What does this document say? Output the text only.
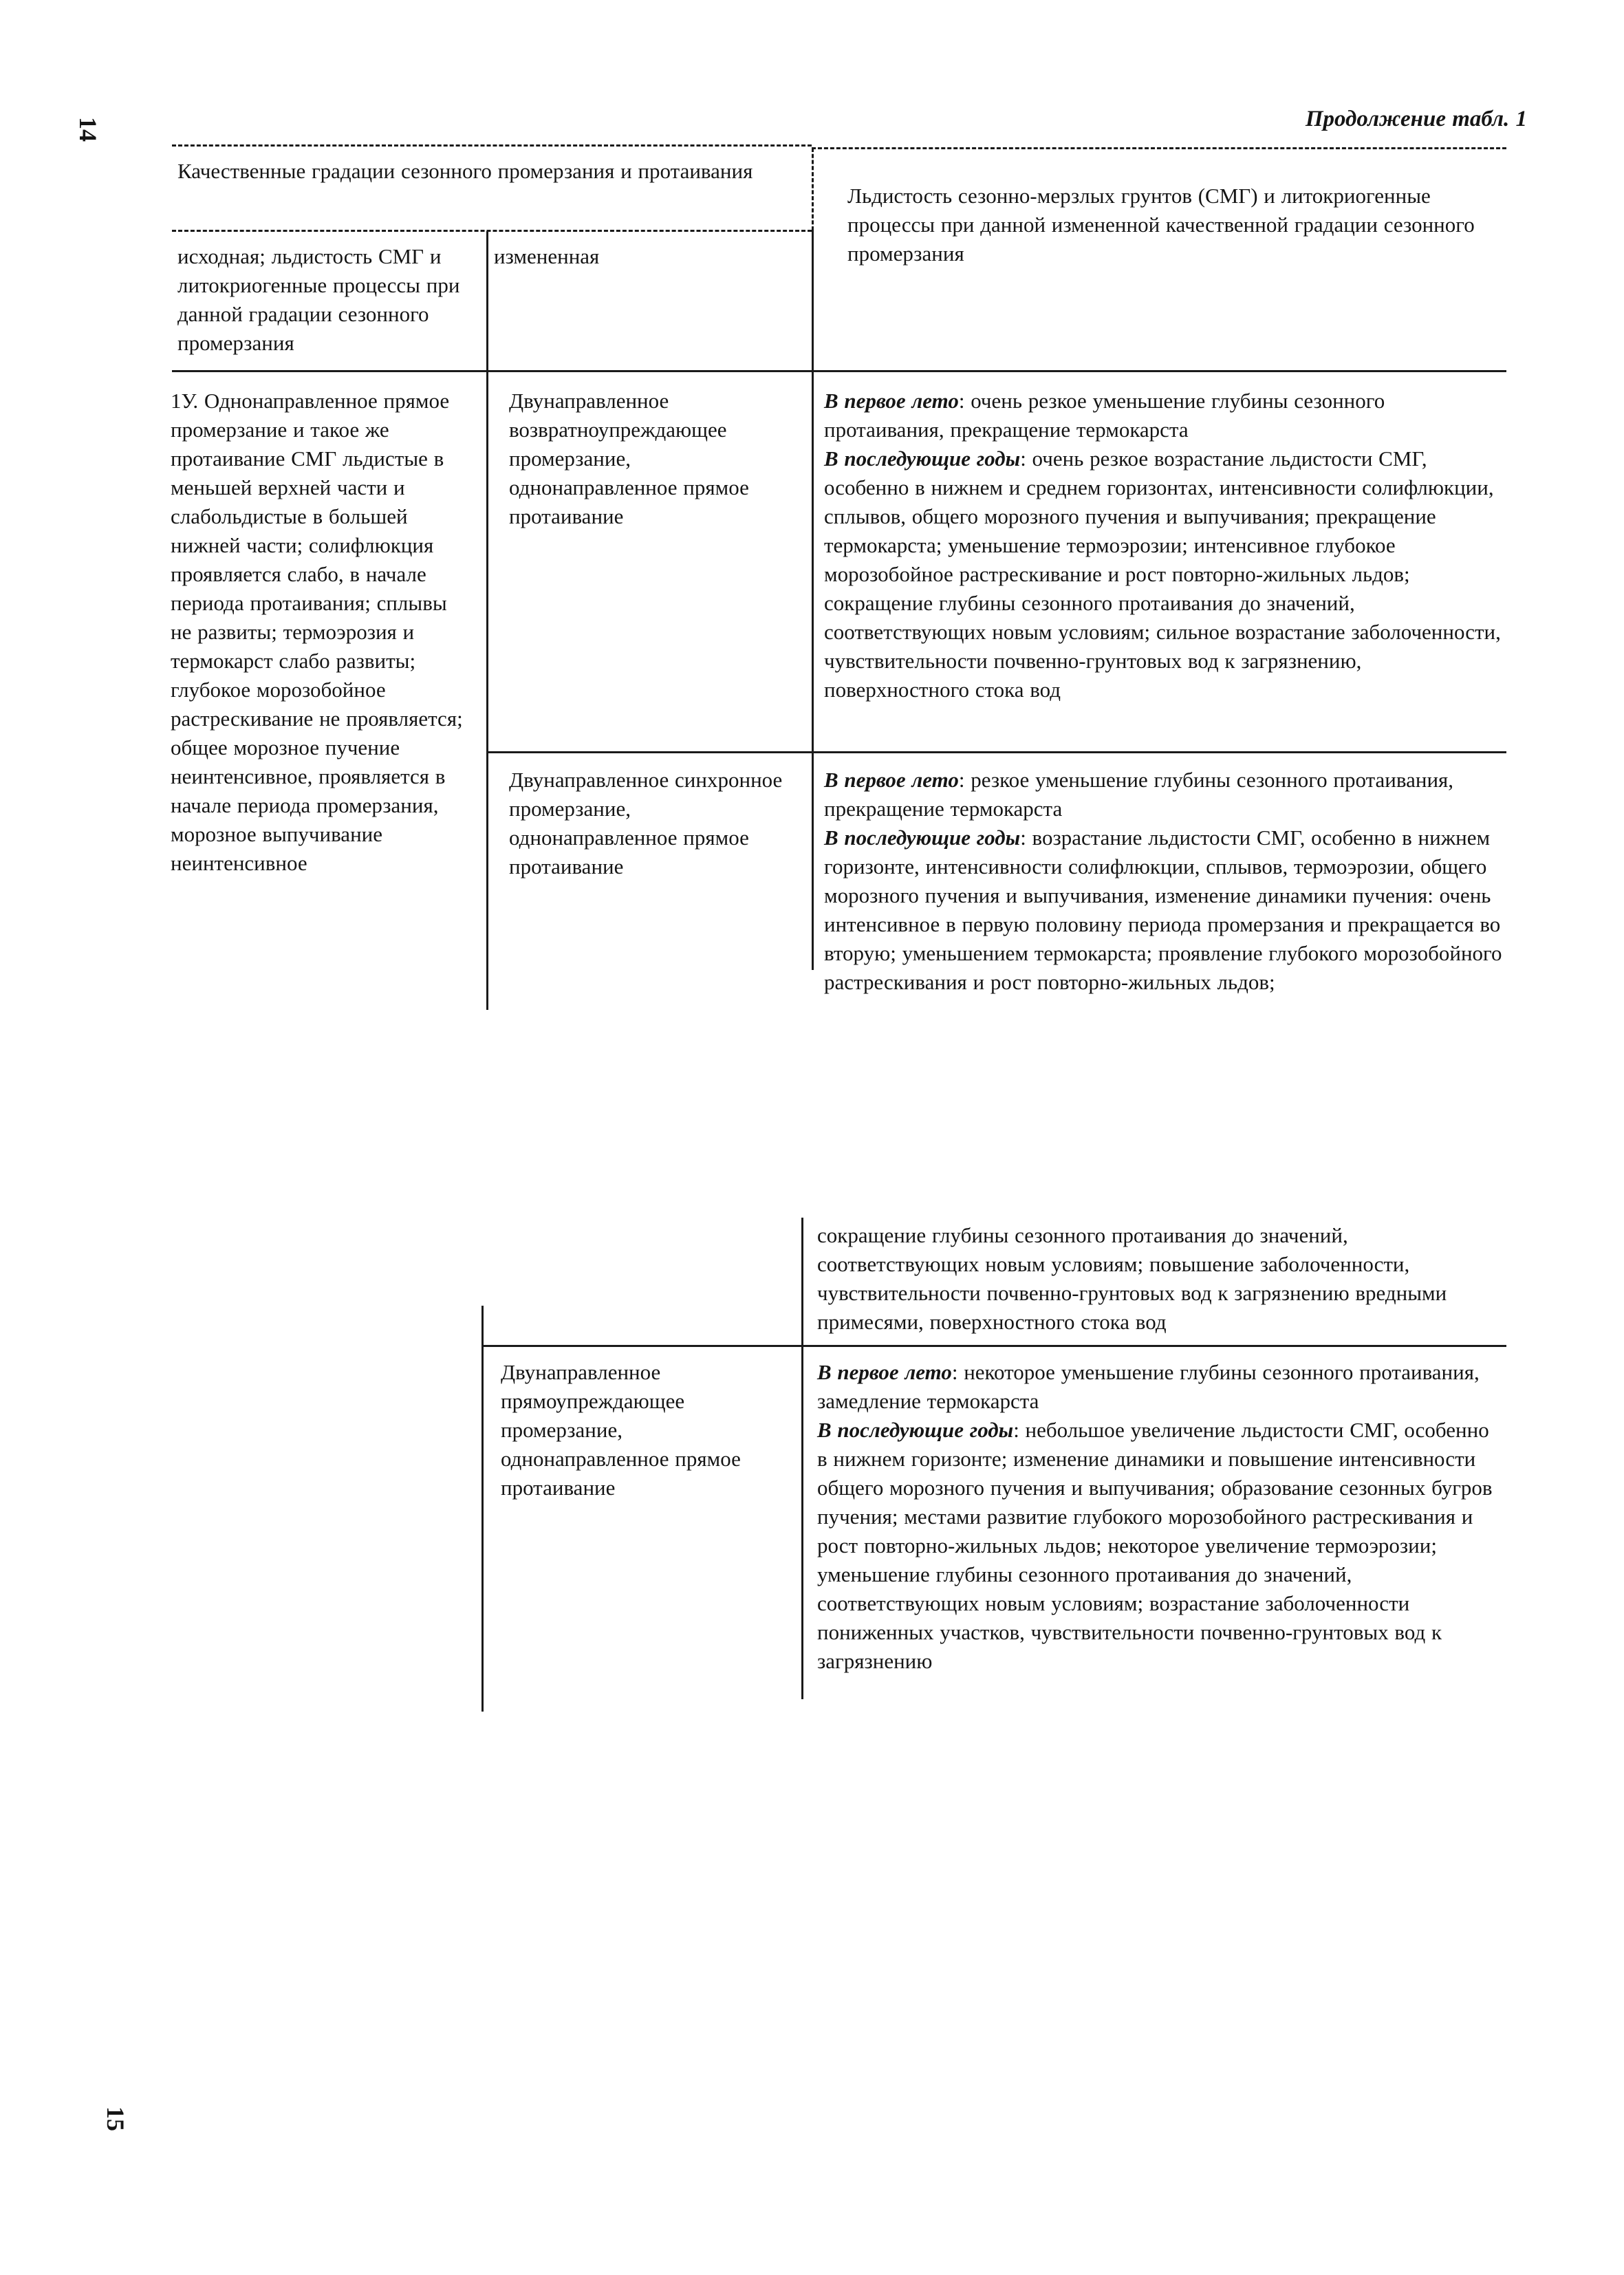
14
15
Продолжение табл. 1
Качественные градации сезонного промерзания и протаивания
исходная; льдистость СМГ и литокриогенные процессы при данной градации сезонного промерзания
измененная
Льдистость сезонно-мерзлых грунтов (СМГ) и литокриогенные процессы при данной измененной качественной градации сезонного промерзания
1У. Однонаправленное прямое промерзание и такое же протаивание СМГ льдистые в меньшей верхней части и слабольдистые в большей нижней части; солифлюкция проявляется слабо, в начале периода протаивания; сплывы не развиты; термоэрозия и термокарст слабо развиты; глубокое морозобойное растрескивание не проявляется; общее морозное пучение неинтенсивное, проявляется в начале периода промерзания, морозное выпучивание неинтенсивное
Двунаправленное возвратноупреждающее промерзание, однонаправленное прямое протаивание
В первое лето: очень резкое уменьшение глубины сезонного протаивания, прекращение термокарста
В последующие годы: очень резкое возрастание льдистости СМГ, особенно в нижнем и среднем горизонтах, интенсивности солифлюкции, сплывов, общего морозного пучения и выпучивания; прекращение термокарста; уменьшение термоэрозии; интенсивное глубокое морозобойное растрескивание и рост повторно-жильных льдов; сокращение глубины сезонного протаивания до значений, соответствующих новым условиям; сильное возрастание заболоченности, чувствительности почвенно-грунтовых вод к загрязнению, поверхностного стока вод
Двунаправленное синхронное промерзание, однонаправленное прямое протаивание
В первое лето: резкое уменьшение глубины сезонного протаивания, прекращение термокарста
В последующие годы: возрастание льдистости СМГ, особенно в нижнем горизонте, интенсивности солифлюкции, сплывов, термоэрозии, общего морозного пучения и выпучивания, изменение динамики пучения: очень интенсивное в первую половину периода промерзания и прекращается во вторую; уменьшением термокарста; проявление глубокого морозобойного растрескивания и рост повторно-жильных льдов;
сокращение глубины сезонного протаивания до значений, соответствующих новым условиям; повышение заболоченности, чувствительности почвенно-грунтовых вод к загрязнению вредными примесями, поверхностного стока вод
Двунаправленное прямоупреждающее промерзание, однонаправленное прямое протаивание
В первое лето: некоторое уменьшение глубины сезонного протаивания, замедление термокарста
В последующие годы: небольшое увеличение льдистости СМГ, особенно в нижнем горизонте; изменение динамики и повышение интенсивности общего морозного пучения и выпучивания; образование сезонных бугров пучения; местами развитие глубокого морозобойного растрескивания и рост повторно-жильных льдов; некоторое увеличение термоэрозии; уменьшение глубины сезонного протаивания до значений, соответствующих новым условиям; возрастание заболоченности пониженных участков, чувствительности почвенно-грунтовых вод к загрязнению
